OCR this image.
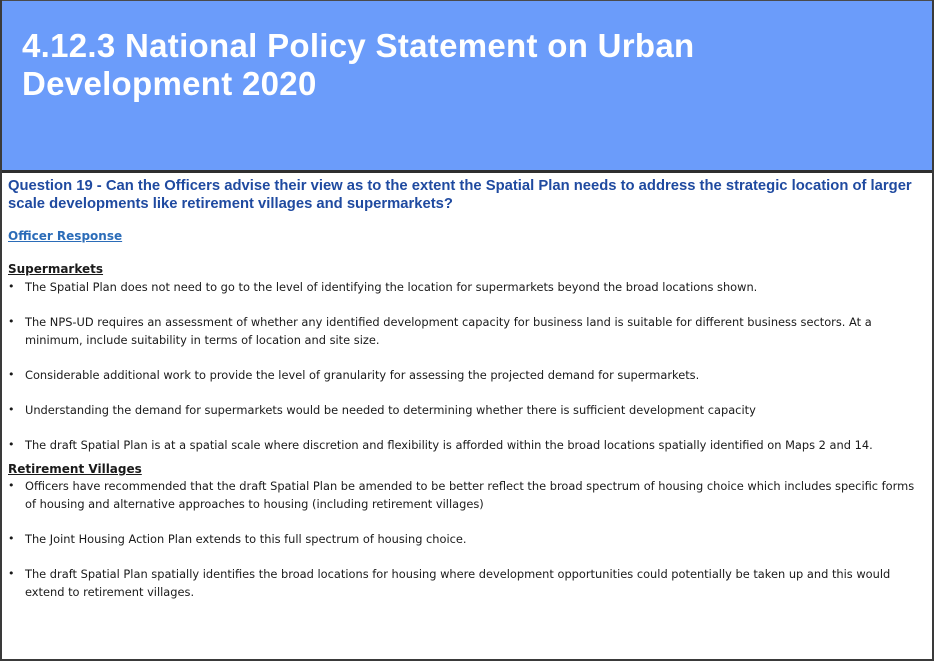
4.12.3 National Policy Statement on Urban Development 2020

Question 19 - Can the Officers advise their view as to the extent the Spatial Plan needs to address the strategic location of larger scale developments like retirement villages and supermarkets?

Officer Response

Supermarkets

• The Spatial Plan does not need to go to the level of identifying the location for supermarkets beyond the broad locations shown.
• The NPS-UD requires an assessment of whether any identified development capacity for business land is suitable for different business sectors. At a minimum, include suitability in terms of location and site size.
• Considerable additional work to provide the level of granularity for assessing the projected demand for supermarkets.
• Understanding the demand for supermarkets would be needed to determining whether there is sufficient development capacity
• The draft Spatial Plan is at a spatial scale where discretion and flexibility is afforded within the broad locations spatially identified on Maps 2 and 14.

Retirement Villages

• Officers have recommended that the draft Spatial Plan be amended to be better reflect the broad spectrum of housing choice which includes specific forms of housing and alternative approaches to housing (including retirement villages)
• The Joint Housing Action Plan extends to this full spectrum of housing choice.
• The draft Spatial Plan spatially identifies the broad locations for housing where development opportunities could potentially be taken up and this would extend to retirement villages.
